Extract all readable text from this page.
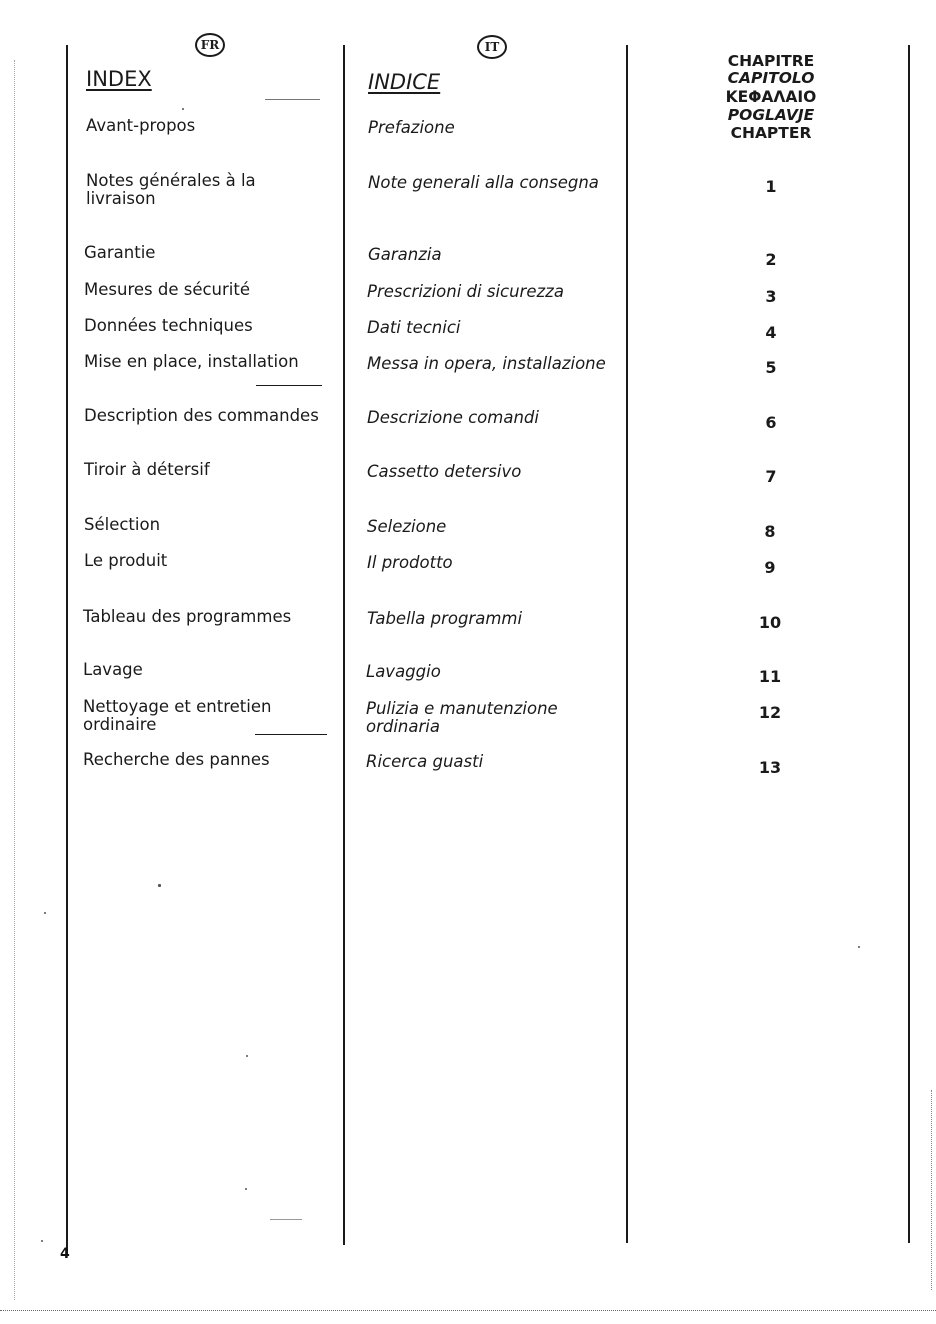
FR
INDEX
Avant-propos
Notes générales à la
livraison
Garantie
Mesures de sécurité
Données techniques
Mise en place, installation
Description des commandes
Tiroir à détersif
Sélection
Le produit
Tableau des programmes
Lavage
Nettoyage et entretien
ordinaire
Recherche des pannes
IT
INDICE
Prefazione
Note generali alla consegna
Garanzia
Prescrizioni di sicurezza
Dati tecnici
Messa in opera, installazione
Descrizione comandi
Cassetto detersivo
Selezione
Il prodotto
Tabella programmi
Lavaggio
Pulizia e manutenzione
ordinaria
Ricerca guasti
CHAPITRE
CAPITOLO
ΚΕΦΑΛΑΙΟ
POGLAVJE
CHAPTER
1
2
3
4
5
6
7
8
9
10
11
12
13
4
